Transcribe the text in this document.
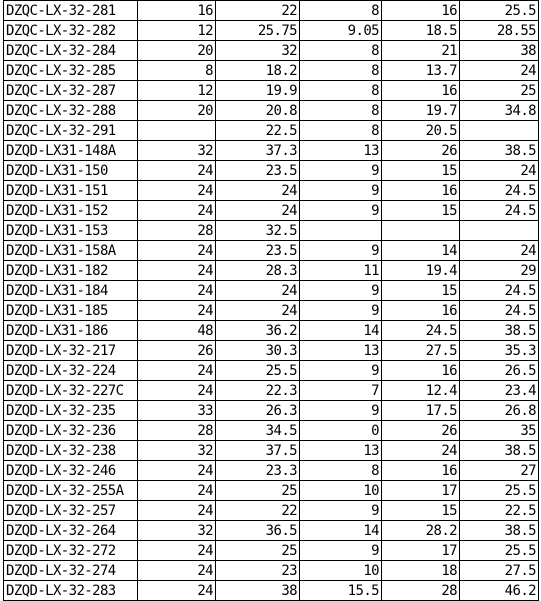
DZQC-LX-32-281	16	22	8	16	25.5
DZQC-LX-32-282	12	25.75	9.05	18.5	28.55
DZQC-LX-32-284	20	32	8	21	38
DZQC-LX-32-285	8	18.2	8	13.7	24
DZQC-LX-32-287	12	19.9	8	16	25
DZQC-LX-32-288	20	20.8	8	19.7	34.8
DZQC-LX-32-291		22.5	8	20.5	
DZQD-LX31-148A	32	37.3	13	26	38.5
DZQD-LX31-150	24	23.5	9	15	24
DZQD-LX31-151	24	24	9	16	24.5
DZQD-LX31-152	24	24	9	15	24.5
DZQD-LX31-153	28	32.5			
DZQD-LX31-158A	24	23.5	9	14	24
DZQD-LX31-182	24	28.3	11	19.4	29
DZQD-LX31-184	24	24	9	15	24.5
DZQD-LX31-185	24	24	9	16	24.5
DZQD-LX31-186	48	36.2	14	24.5	38.5
DZQD-LX-32-217	26	30.3	13	27.5	35.3
DZQD-LX-32-224	24	25.5	9	16	26.5
DZQD-LX-32-227C	24	22.3	7	12.4	23.4
DZQD-LX-32-235	33	26.3	9	17.5	26.8
DZQD-LX-32-236	28	34.5	0	26	35
DZQD-LX-32-238	32	37.5	13	24	38.5
DZQD-LX-32-246	24	23.3	8	16	27
DZQD-LX-32-255A	24	25	10	17	25.5
DZQD-LX-32-257	24	22	9	15	22.5
DZQD-LX-32-264	32	36.5	14	28.2	38.5
DZQD-LX-32-272	24	25	9	17	25.5
DZQD-LX-32-274	24	23	10	18	27.5
DZQD-LX-32-283	24	38	15.5	28	46.2
